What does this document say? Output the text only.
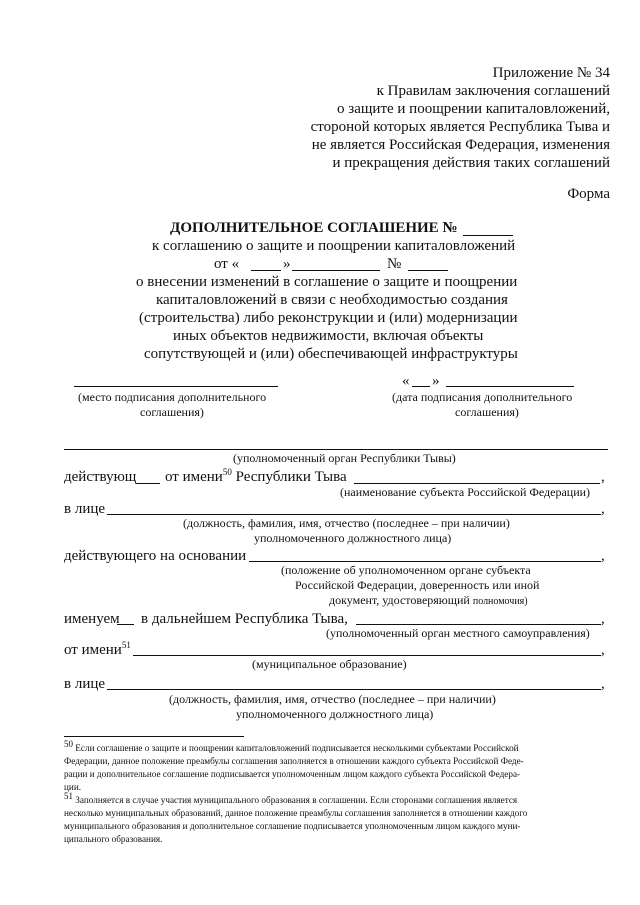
Приложение № 34
к Правилам заключения соглашений
о защите и поощрении капиталовложений,
стороной которых является Республика Тыва и
не является Российская Федерация, изменения
и прекращения действия таких соглашений
Форма
ДОПОЛНИТЕЛЬНОЕ СОГЛАШЕНИЕ №
к соглашению о защите и поощрении капиталовложений
от «	»	№
о внесении изменений в соглашение о защите и поощрении
капиталовложений в связи с необходимостью создания
(строительства) либо реконструкции и (или) модернизации
иных объектов недвижимости, включая объекты
сопутствующей и (или) обеспечивающей инфраструктуры
(место подписания дополнительного
соглашения)
« »
(дата подписания дополнительного
соглашения)
(уполномоченный орган Республики Тывы)
действующ от имени$^{50}$ Республики Тыва	,
(наименование субъекта Российской Федерации)
в лице	,
(должность, фамилия, имя, отчество (последнее – при наличии)
уполномоченного должностного лица)
действующего на основании	,
(положение об уполномоченном органе субъекта
Российской Федерации, доверенность или иной
документ, удостоверяющий полномочия)
именуем в дальнейшем Республика Тыва,	,
(уполномоченный орган местного самоуправления)
от имени$^{51}$	,
(муниципальное образование)
в лице	,
(должность, фамилия, имя, отчество (последнее – при наличии)
уполномоченного должностного лица)
$^{50}$ Если соглашение о защите и поощрении капиталовложений подписывается несколькими субъектами Российской
Федерации, данное положение преамбулы соглашения заполняется в отношении каждого субъекта Российской Феде-
рации и дополнительное соглашение подписывается уполномоченным лицом каждого субъекта Российской Федера-
ции.
$^{51}$ Заполняется в случае участия муниципального образования в соглашении. Если сторонами соглашения является
несколько муниципальных образований, данное положение преамбулы соглашения заполняется в отношении каждого
муниципального образования и дополнительное соглашение подписывается уполномоченным лицом каждого муни-
ципального образования.
